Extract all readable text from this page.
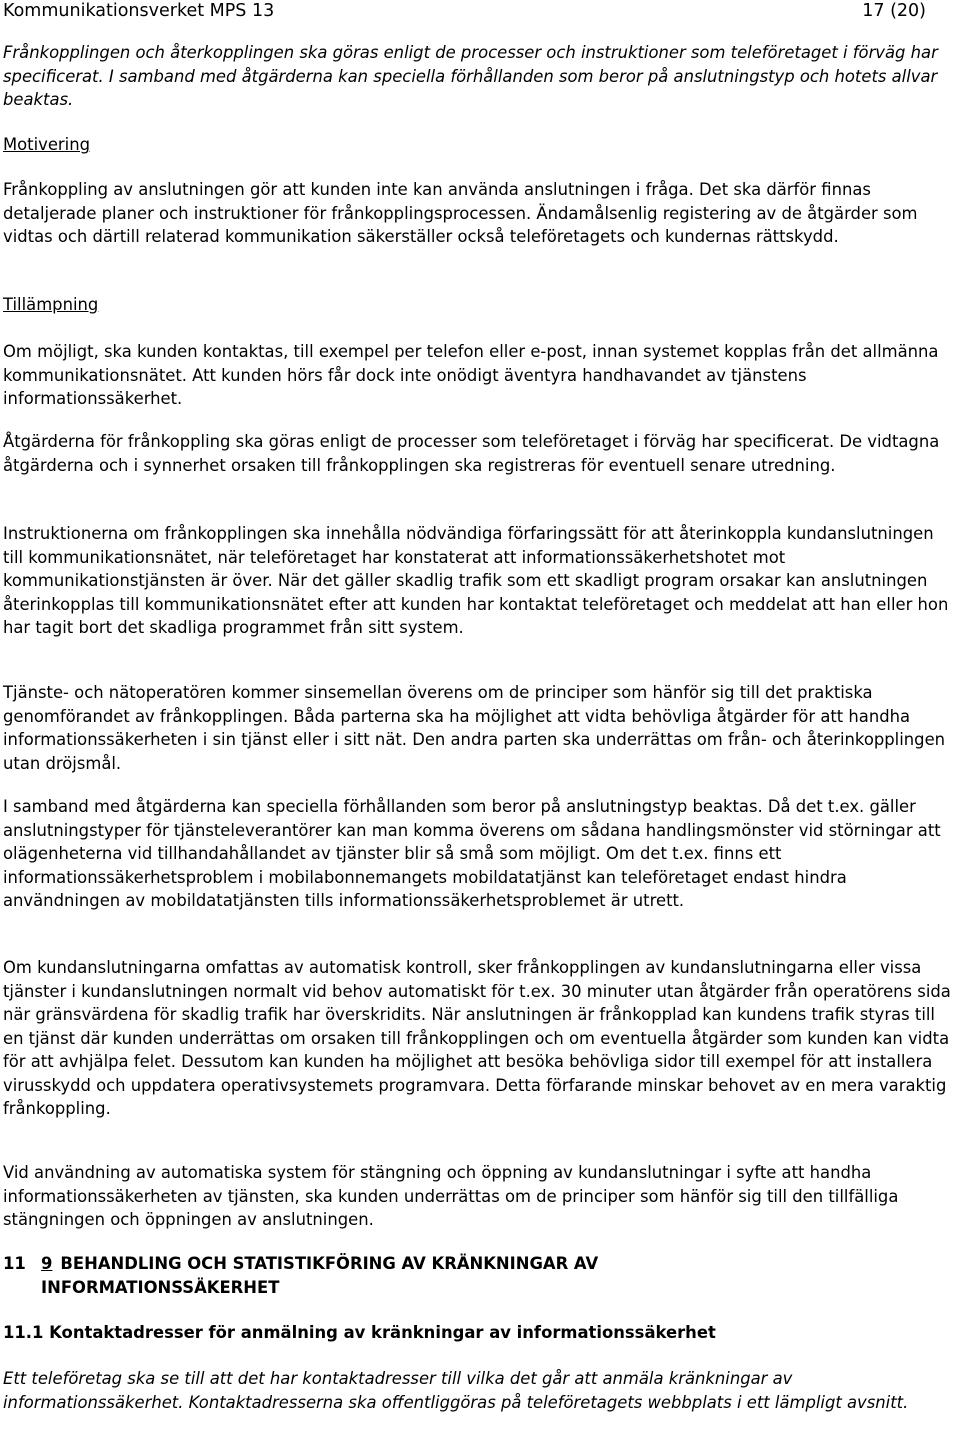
Kommunikationsverket MPS 13	17 (20)

Frånkopplingen och återkopplingen ska göras enligt de processer och instruktioner som teleföretaget i förväg har specificerat. I samband med åtgärderna kan speciella förhållanden som beror på anslutningstyp och hotets allvar beaktas.

Motivering

Frånkoppling av anslutningen gör att kunden inte kan använda anslutningen i fråga. Det ska därför finnas detaljerade planer och instruktioner för frånkopplingsprocessen. Ändamålsenlig registering av de åtgärder som vidtas och därtill relaterad kommunikation säkerställer också teleföretagets och kundernas rättskydd.

Tillämpning

Om möjligt, ska kunden kontaktas, till exempel per telefon eller e-post, innan systemet kopplas från det allmänna kommunikationsnätet. Att kunden hörs får dock inte onödigt äventyra handhavandet av tjänstens informationssäkerhet.

Åtgärderna för frånkoppling ska göras enligt de processer som teleföretaget i förväg har specificerat. De vidtagna åtgärderna och i synnerhet orsaken till frånkopplingen ska registreras för eventuell senare utredning.

Instruktionerna om frånkopplingen ska innehålla nödvändiga förfaringssätt för att återinkoppla kundanslutningen till kommunikationsnätet, när teleföretaget har konstaterat att informationssäkerhetshotet mot kommunikationstjänsten är över. När det gäller skadlig trafik som ett skadligt program orsakar kan anslutningen återinkopplas till kommunikationsnätet efter att kunden har kontaktat teleföretaget och meddelat att han eller hon har tagit bort det skadliga programmet från sitt system.

Tjänste- och nätoperatören kommer sinsemellan överens om de principer som hänför sig till det praktiska genomförandet av frånkopplingen. Båda parterna ska ha möjlighet att vidta behövliga åtgärder för att handha informationssäkerheten i sin tjänst eller i sitt nät. Den andra parten ska underrättas om från- och återinkopplingen utan dröjsmål.

I samband med åtgärderna kan speciella förhållanden som beror på anslutningstyp beaktas. Då det t.ex. gäller anslutningstyper för tjänsteleverantörer kan man komma överens om sådana handlingsmönster vid störningar att olägenheterna vid tillhandahållandet av tjänster blir så små som möjligt. Om det t.ex. finns ett informationssäkerhetsproblem i mobilabonnemangets mobildatatjänst kan teleföretaget endast hindra användningen av mobildatatjänsten tills informationssäkerhetsproblemet är utrett.

Om kundanslutningarna omfattas av automatisk kontroll, sker frånkopplingen av kundanslutningarna eller vissa tjänster i kundanslutningen normalt vid behov automatiskt för t.ex. 30 minuter utan åtgärder från operatörens sida när gränsvärdena för skadlig trafik har överskridits. När anslutningen är frånkopplad kan kundens trafik styras till en tjänst där kunden underrättas om orsaken till frånkopplingen och om eventuella åtgärder som kunden kan vidta för att avhjälpa felet. Dessutom kan kunden ha möjlighet att besöka behövliga sidor till exempel för att installera virusskydd och uppdatera operativsystemets programvara. Detta förfarande minskar behovet av en mera varaktig frånkoppling.

Vid användning av automatiska system för stängning och öppning av kundanslutningar i syfte att handha informationssäkerheten av tjänsten, ska kunden underrättas om de principer som hänför sig till den tillfälliga stängningen och öppningen av anslutningen.

11 9 BEHANDLING OCH STATISTIKFÖRING AV KRÄNKNINGAR AV
INFORMATIONSSÄKERHET
11.1 Kontaktadresser för anmälning av kränkningar av informationssäkerhet

Ett teleföretag ska se till att det har kontaktadresser till vilka det går att anmäla kränkningar av informationssäkerhet. Kontaktadresserna ska offentliggöras på teleföretagets webbplats i ett lämpligt avsnitt.
